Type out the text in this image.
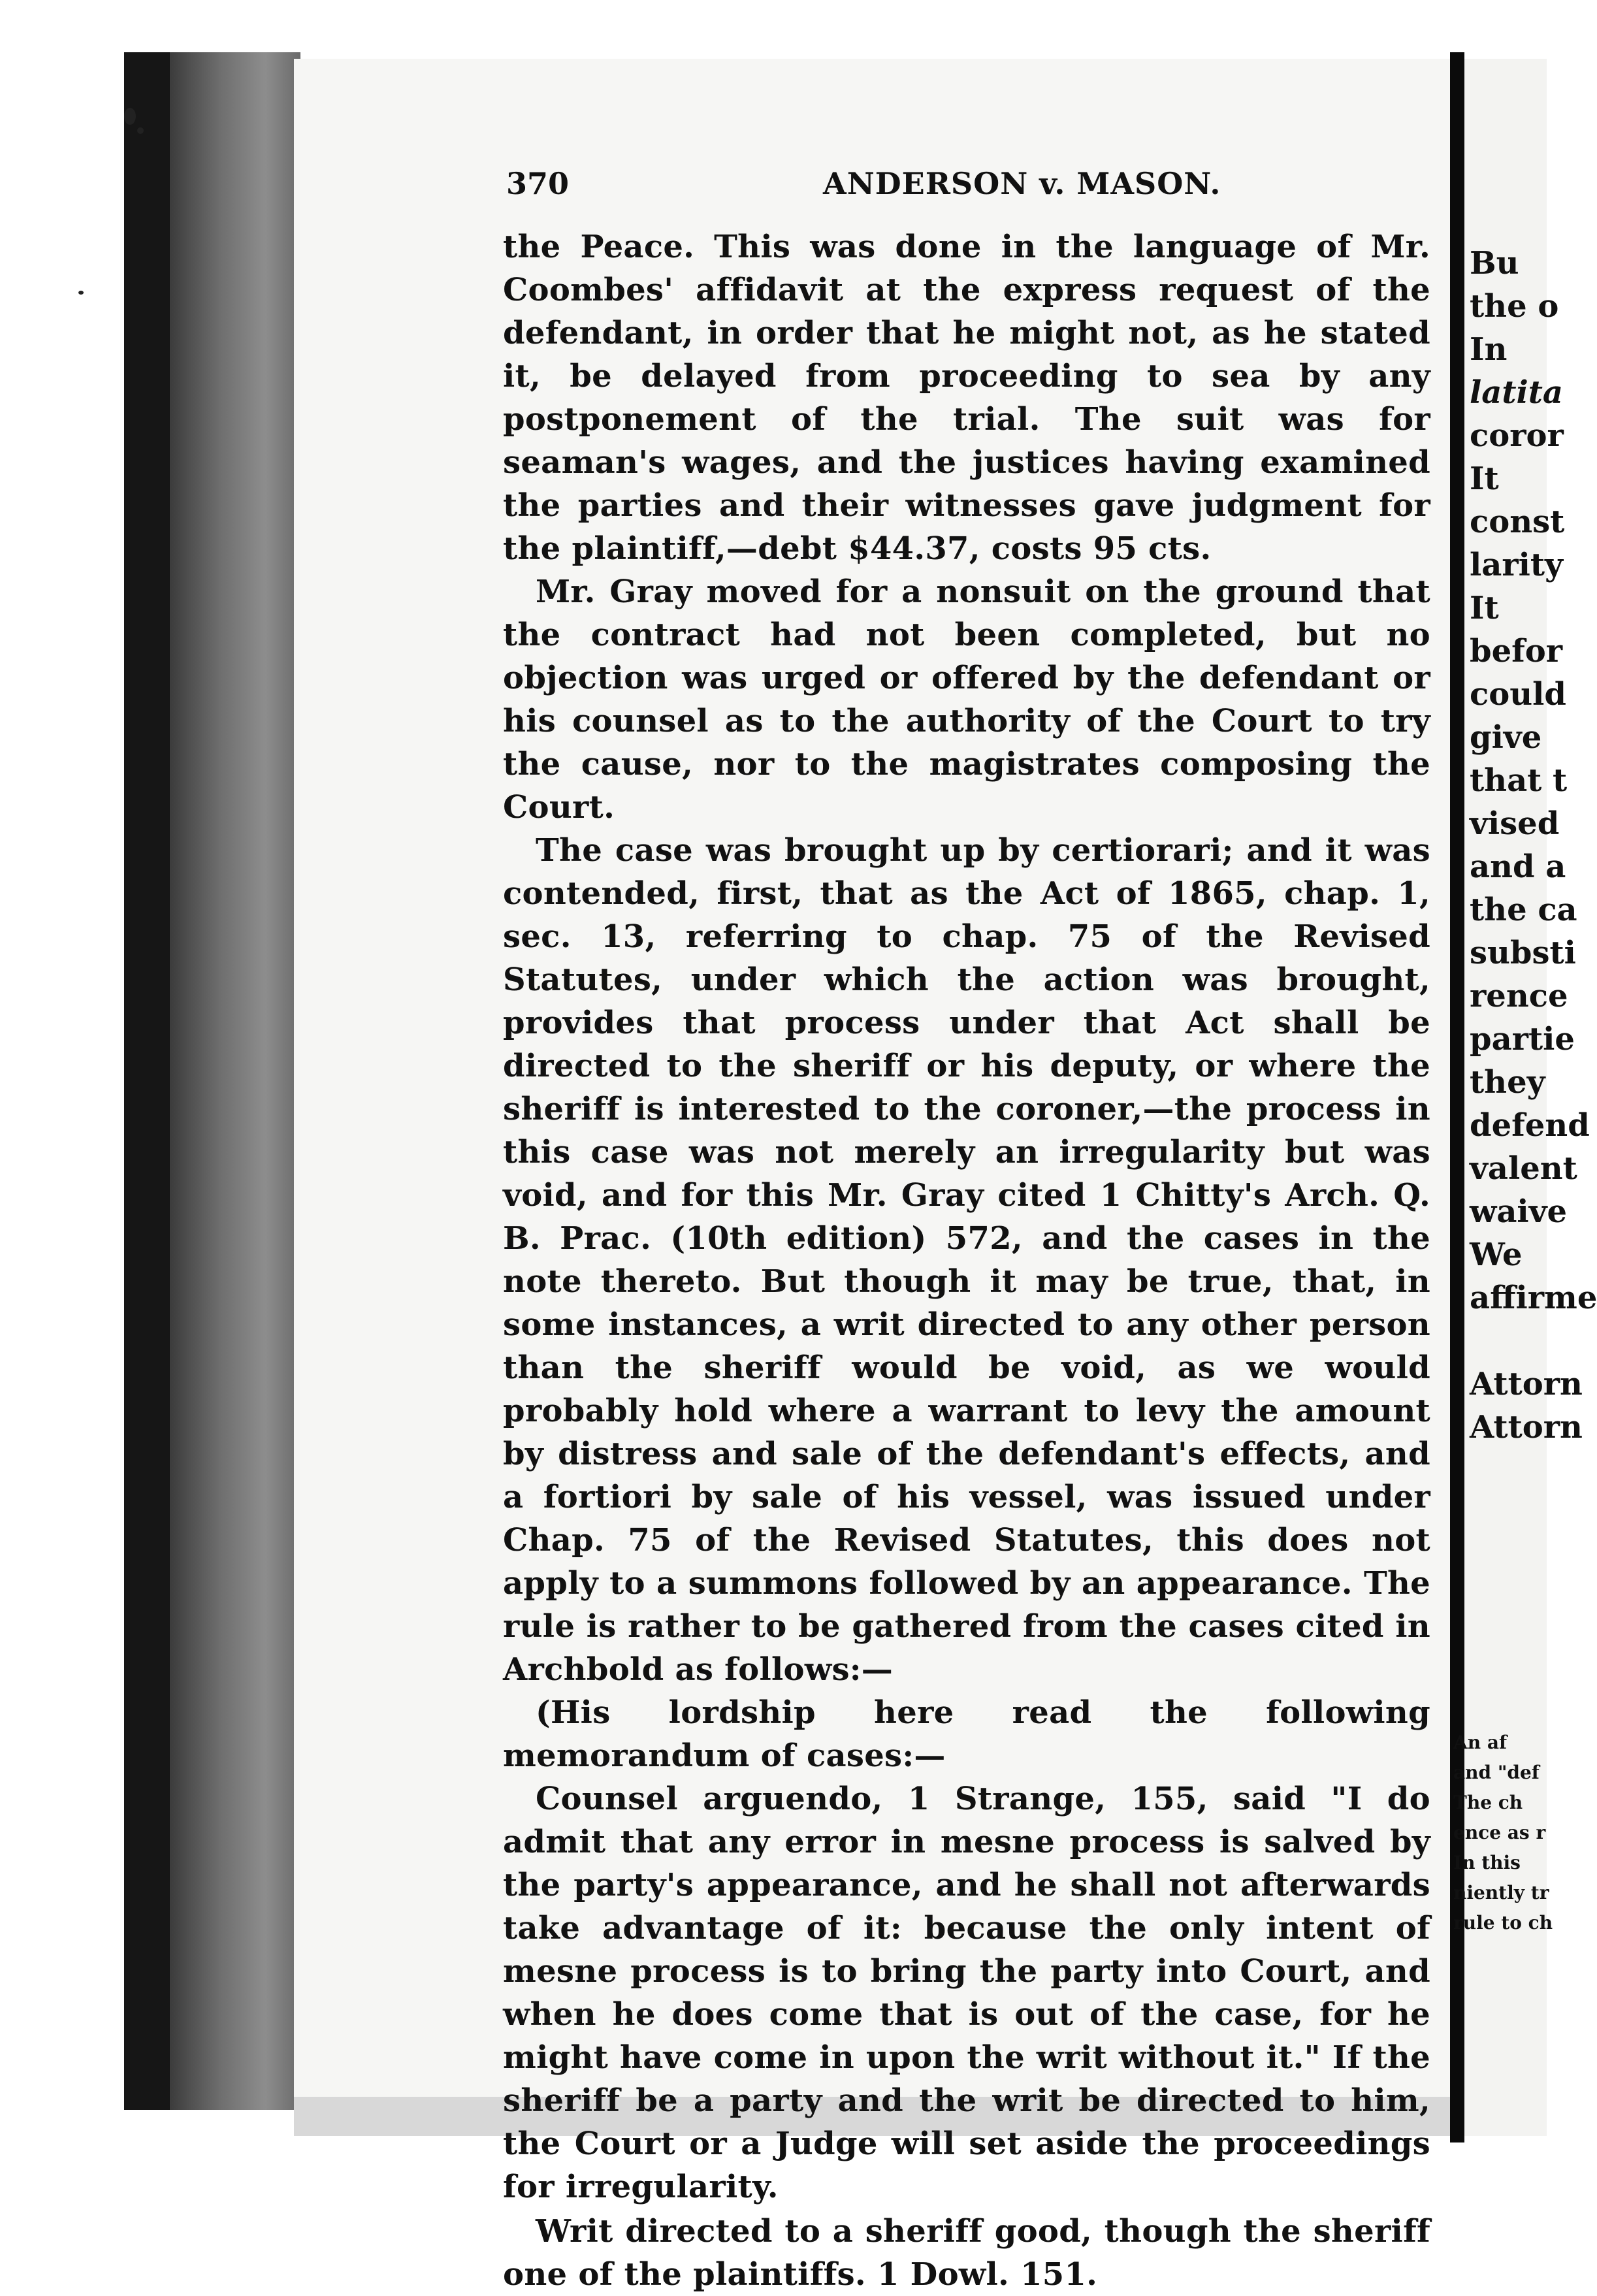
370	ANDERSON v. MASON.

the Peace. This was done in the language of Mr. Coombes' affidavit at the express request of the defendant, in order that he might not, as he stated it, be delayed from proceeding to sea by any postponement of the trial. The suit was for seaman's wages, and the justices having examined the parties and their witnesses gave judgment for the plaintiff,—debt $44.37, costs 95 cts.

Mr. Gray moved for a nonsuit on the ground that the contract had not been completed, but no objection was urged or offered by the defendant or his counsel as to the authority of the Court to try the cause, nor to the magistrates composing the Court.

The case was brought up by certiorari; and it was contended, first, that as the Act of 1865, chap. 1, sec. 13, referring to chap. 75 of the Revised Statutes, under which the action was brought, provides that process under that Act shall be directed to the sheriff or his deputy, or where the sheriff is interested to the coroner,—the process in this case was not merely an irregularity but was void, and for this Mr. Gray cited 1 Chitty's Arch. Q. B. Prac. (10th edition) 572, and the cases in the note thereto. But though it may be true, that, in some instances, a writ directed to any other person than the sheriff would be void, as we would probably hold where a warrant to levy the amount by distress and sale of the defendant's effects, and a fortiori by sale of his vessel, was issued under Chap. 75 of the Revised Statutes, this does not apply to a summons followed by an appearance. The rule is rather to be gathered from the cases cited in Archbold as follows:—

(His lordship here read the following memorandum of cases:—

Counsel arguendo, 1 Strange, 155, said "I do admit that any error in mesne process is salved by the party's appearance, and he shall not afterwards take advantage of it: because the only intent of mesne process is to bring the party into Court, and when he does come that is out of the case, for he might have come in upon the writ without it." If the sheriff be a party and the writ be directed to him, the Court or a Judge will set aside the proceedings for irregularity.

Writ directed to a sheriff good, though the sheriff one of the plaintiffs. 1 Dowl. 151.

Bu
the o
In
latita
coror
It
const
larity
It
befor
could
give
that t
vised
and a
the ca
substi
rence
partie
they
defend
valent
waive
We
affirme
Attorn
Attorn
An af
and "def
The ch
ence as r
In this
niently tr
rule to ch
